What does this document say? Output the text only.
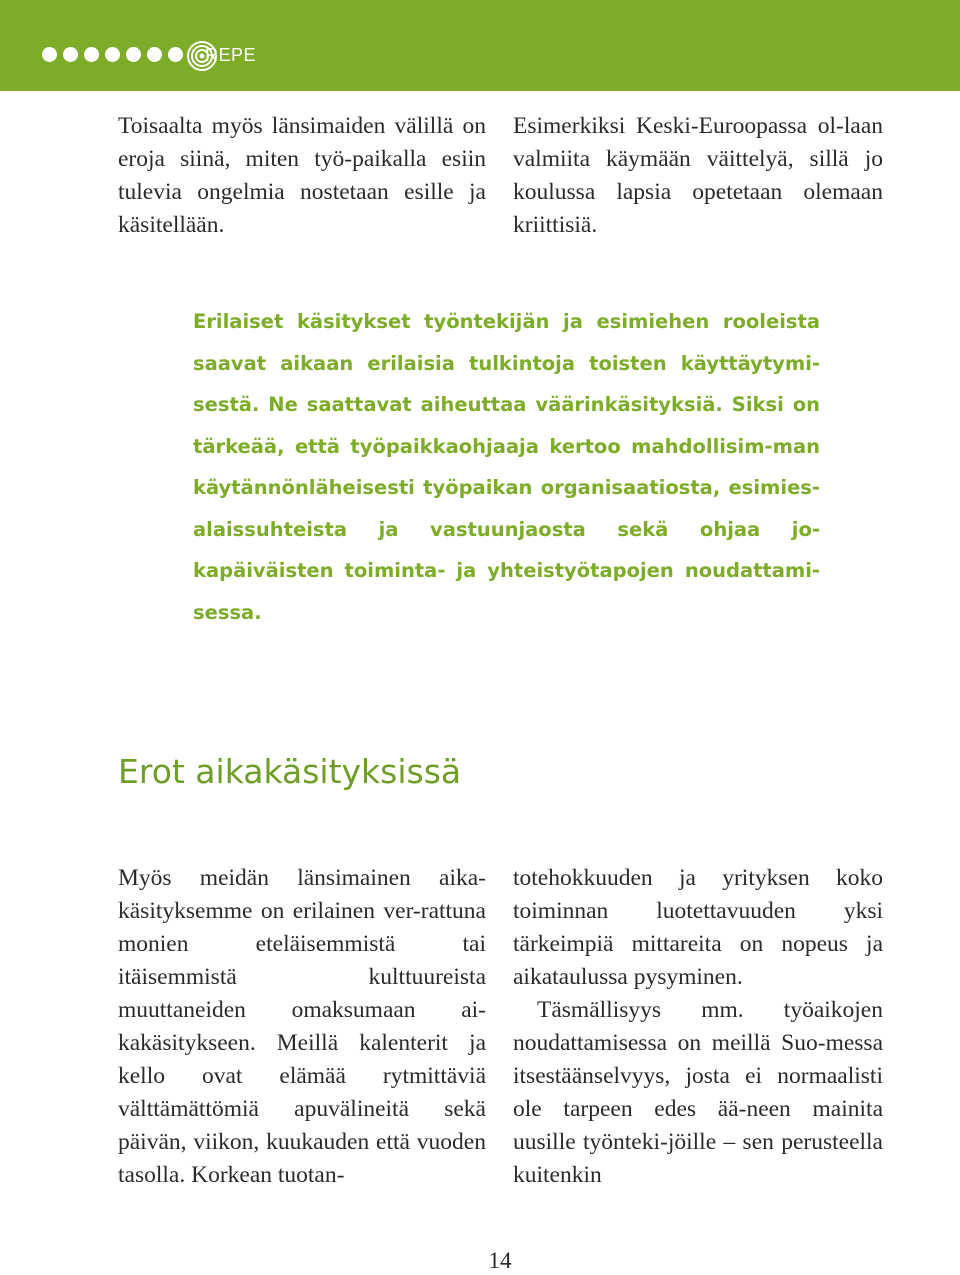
REPE

Toisaalta myös länsimaiden välillä on eroja siinä, miten työ-paikalla esiin tulevia ongelmia nostetaan esille ja käsitellään.

Esimerkiksi Keski-Euroopassa ol-laan valmiita käymään väittelyä, sillä jo koulussa lapsia opetetaan olemaan kriittisiä.

Erilaiset käsitykset työntekijän ja esimiehen rooleista saavat aikaan erilaisia tulkintoja toisten käyttäytymi-sestä. Ne saattavat aiheuttaa väärinkäsityksiä. Siksi on tärkeää, että työpaikkaohjaaja kertoo mahdollisim-man käytännönläheisesti työpaikan organisaatiosta, esimies-alaissuhteista ja vastuunjaosta sekä ohjaa jo-kapäiväisten toiminta- ja yhteistyötapojen noudattami-sessa.

Erot aikakäsityksissä

Myös meidän länsimainen aika-käsityksemme on erilainen ver-rattuna monien eteläisemmistä tai itäisemmistä kulttuureista muuttaneiden omaksumaan ai-kakäsitykseen. Meillä kalenterit ja kello ovat elämää rytmittäviä välttämättömiä apuvälineitä sekä päivän, viikon, kuukauden että vuoden tasolla. Korkean tuotan-

totehokkuuden ja yrityksen koko toiminnan luotettavuuden yksi tärkeimpiä mittareita on nopeus ja aikataulussa pysyminen.

Täsmällisyys mm. työaikojen noudattamisessa on meillä Suo-messa itsestäänselvyys, josta ei normaalisti ole tarpeen edes ää-neen mainita uusille työnteki-jöille – sen perusteella kuitenkin

14
